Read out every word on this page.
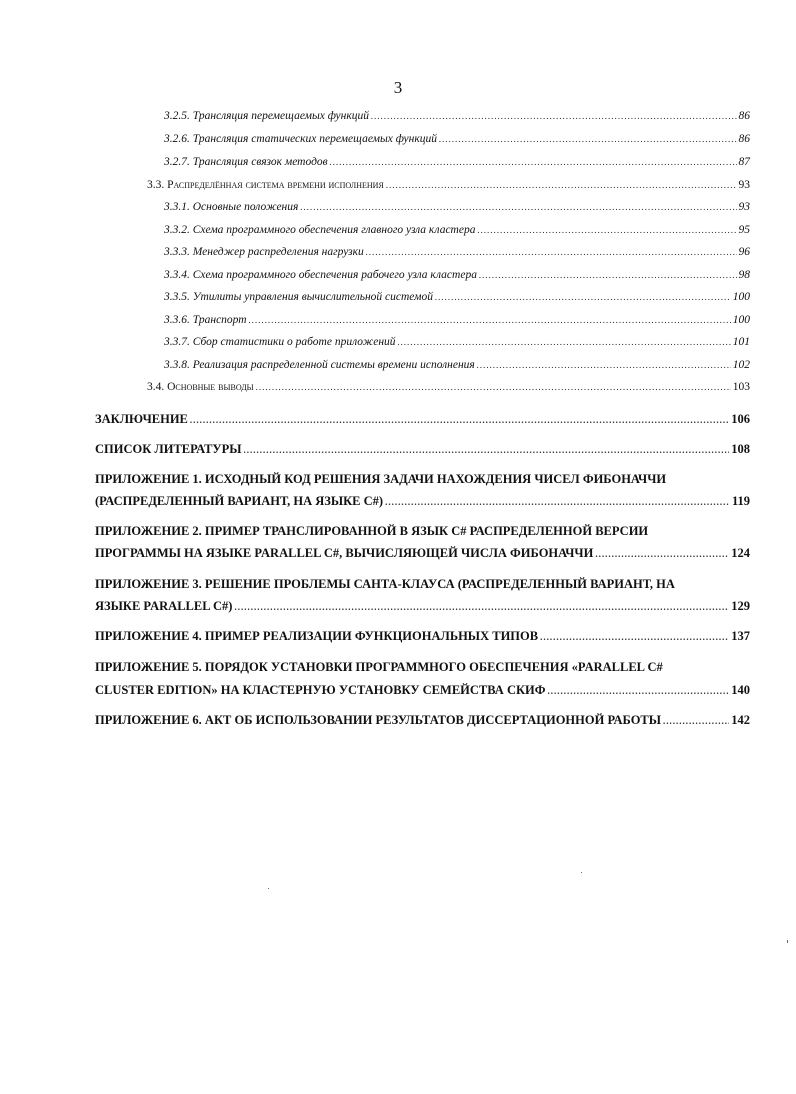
3
3.2.5. Трансляция перемещаемых функций .....	86
3.2.6. Трансляция статических перемещаемых функций .....	86
3.2.7. Трансляция связок методов .....	87
3.3. Распределённая система времени исполнения .....	93
3.3.1. Основные положения .....	93
3.3.2. Схема программного обеспечения главного узла кластера .....	95
3.3.3. Менеджер распределения нагрузки .....	96
3.3.4. Схема программного обеспечения рабочего узла кластера .....	98
3.3.5. Утилиты управления вычислительной системой .....	100
3.3.6. Транспорт .....	100
3.3.7. Сбор статистики о работе приложений .....	101
3.3.8. Реализация распределенной системы времени исполнения .....	102
3.4. Основные выводы .....	103
ЗАКЛЮЧЕНИЕ .....	106
СПИСОК ЛИТЕРАТУРЫ .....	108
ПРИЛОЖЕНИЕ 1. ИСХОДНЫЙ КОД РЕШЕНИЯ ЗАДАЧИ НАХОЖДЕНИЯ ЧИСЕЛ ФИБОНАЧЧИ
(РАСПРЕДЕЛЕННЫЙ ВАРИАНТ, НА ЯЗЫКЕ C#) .....	119
ПРИЛОЖЕНИЕ 2. ПРИМЕР ТРАНСЛИРОВАННОЙ В ЯЗЫК C# РАСПРЕДЕЛЕННОЙ ВЕРСИИ
ПРОГРАММЫ НА ЯЗЫКЕ PARALLEL C#, ВЫЧИСЛЯЮЩЕЙ ЧИСЛА ФИБОНАЧЧИ .....	124
ПРИЛОЖЕНИЕ 3. РЕШЕНИЕ ПРОБЛЕМЫ САНТА-КЛАУСА (РАСПРЕДЕЛЕННЫЙ ВАРИАНТ, НА
ЯЗЫКЕ PARALLEL C#) .....	129
ПРИЛОЖЕНИЕ 4. ПРИМЕР РЕАЛИЗАЦИИ ФУНКЦИОНАЛЬНЫХ ТИПОВ .....	137
ПРИЛОЖЕНИЕ 5. ПОРЯДОК УСТАНОВКИ ПРОГРАММНОГО ОБЕСПЕЧЕНИЯ «PARALLEL C#
CLUSTER EDITION» НА КЛАСТЕРНУЮ УСТАНОВКУ СЕМЕЙСТВА СКИФ .....	140
ПРИЛОЖЕНИЕ 6. АКТ ОБ ИСПОЛЬЗОВАНИИ РЕЗУЛЬТАТОВ ДИССЕРТАЦИОННОЙ РАБОТЫ .....	142
